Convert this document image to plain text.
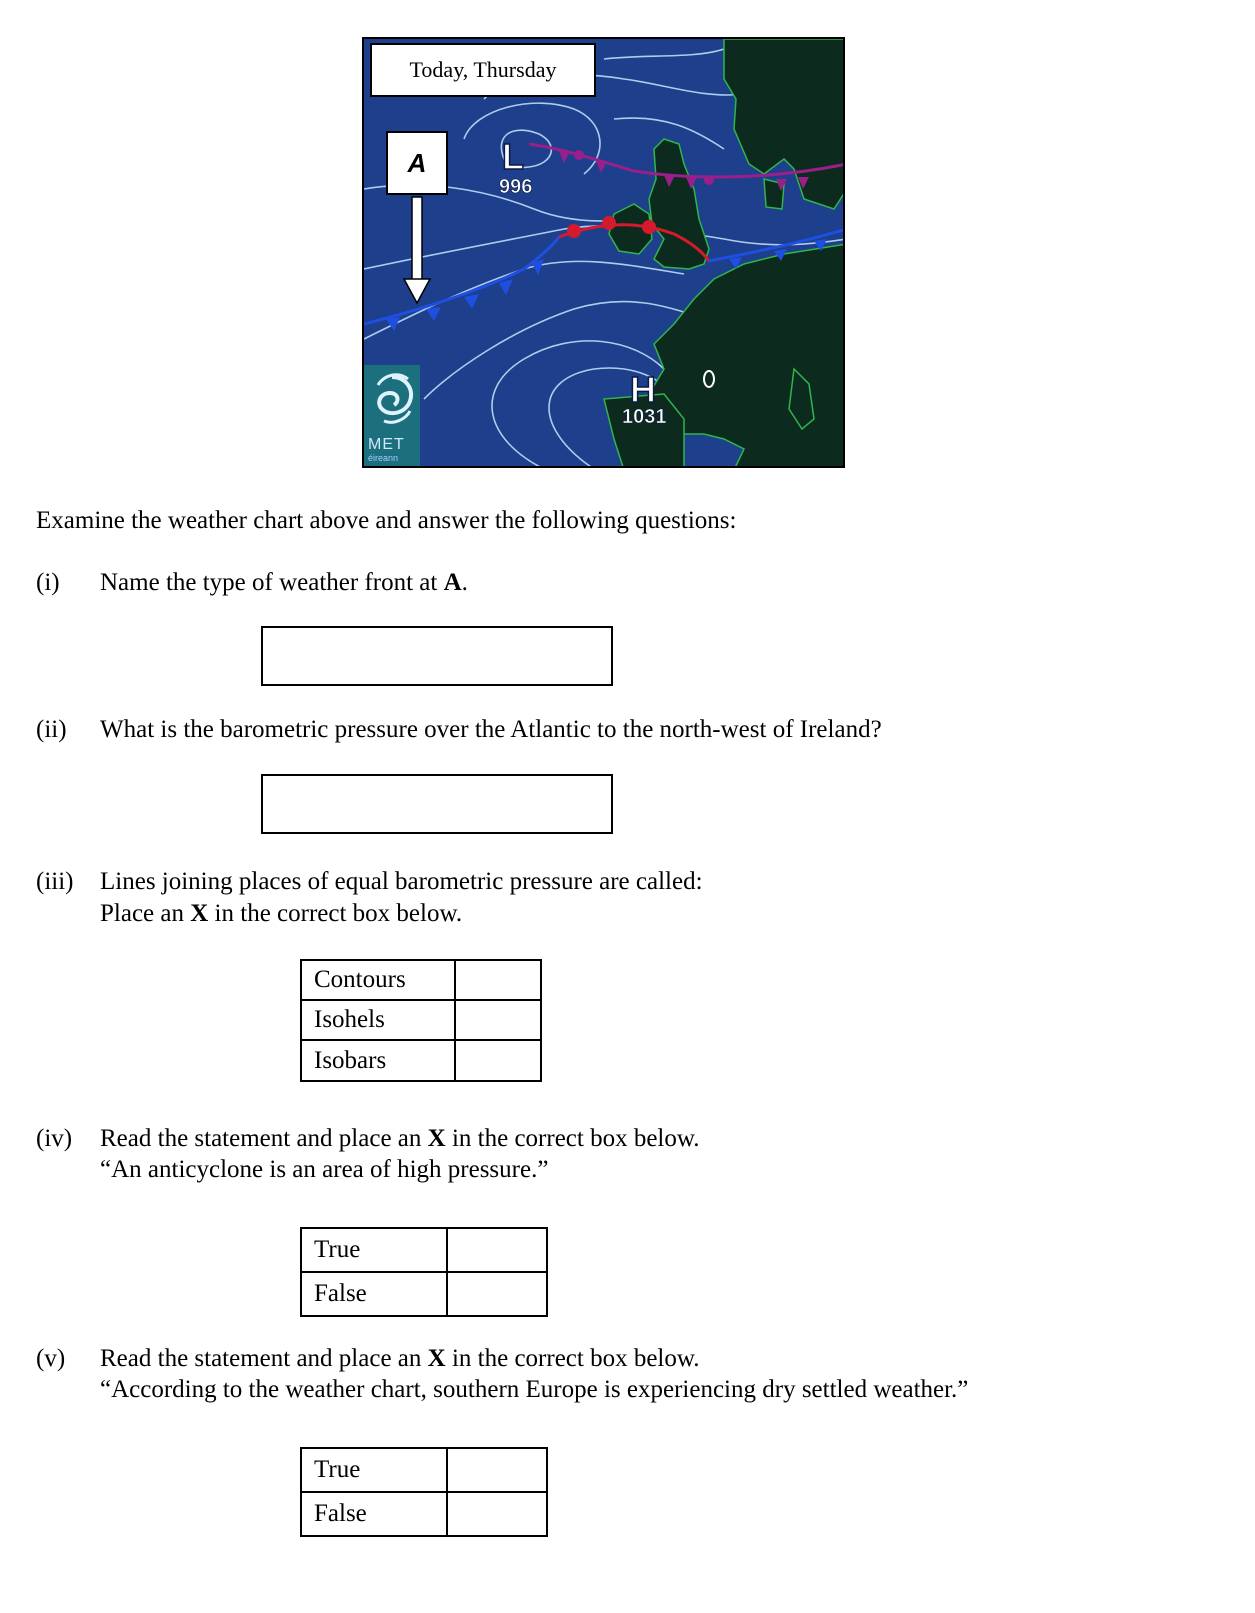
Today, Thursday
A	L
996
H
1031
MET
éireann
Examine the weather chart above and answer the following questions:
(i) Name the type of weather front at A.
(ii) What is the barometric pressure over the Atlantic to the north-west of Ireland?
(iii) Lines joining places of equal barometric pressure are called:
Place an X in the correct box below.
Contours	
Isohels	
Isobars	
(iv) Read the statement and place an X in the correct box below.
“An anticyclone is an area of high pressure.”
True	
False	
(v) Read the statement and place an X in the correct box below.
“According to the weather chart, southern Europe is experiencing dry settled weather.”
True	
False	
